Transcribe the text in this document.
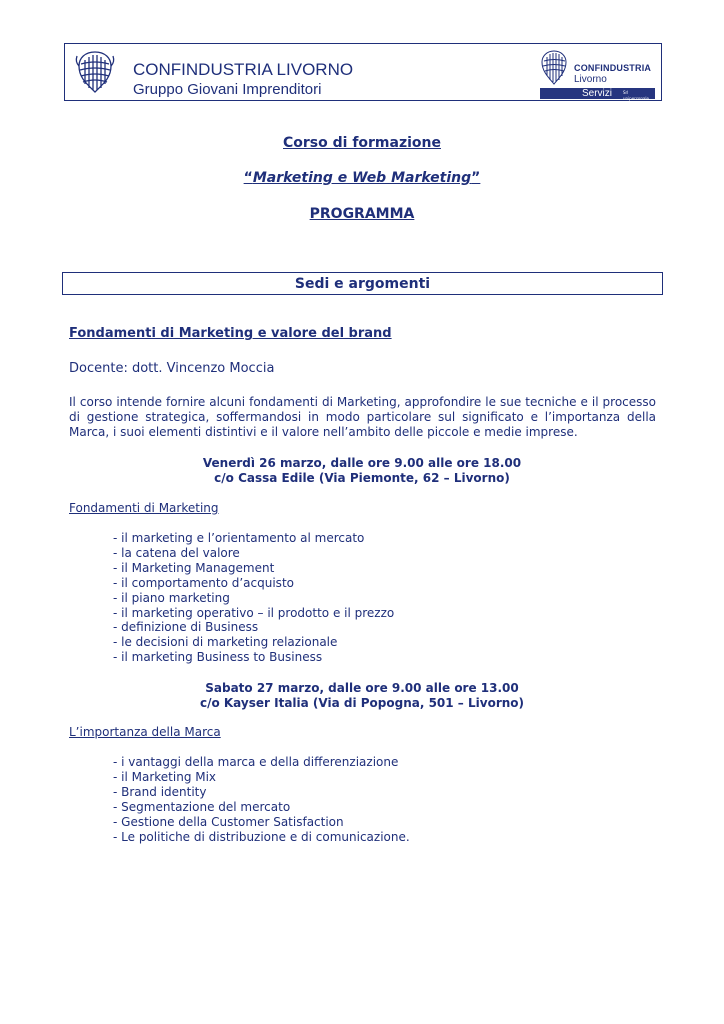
CONFINDUSTRIA LIVORNO
Gruppo Giovani Imprenditori
CONFINDUSTRIA
Livorno
Servizi	Srl unipersonale
Corso di formazione
“Marketing e Web Marketing”
PROGRAMMA
Sedi e argomenti
Fondamenti di Marketing e valore del brand
Docente: dott. Vincenzo Moccia
Il corso intende fornire alcuni fondamenti di Marketing, approfondire le sue tecniche e il processo di gestione strategica, soffermandosi in modo particolare sul significato e l’importanza della Marca, i suoi elementi distintivi e il valore nell’ambito delle piccole e medie imprese.
Venerdì 26 marzo, dalle ore 9.00 alle ore 18.00
c/o Cassa Edile (Via Piemonte, 62 – Livorno)
Fondamenti di Marketing
- il marketing e l’orientamento al mercato
- la catena del valore
- il Marketing Management
- il comportamento d’acquisto
- il piano marketing
- il marketing operativo – il prodotto e il prezzo
- definizione di Business
- le decisioni di marketing relazionale
- il marketing Business to Business
Sabato 27 marzo, dalle ore 9.00 alle ore 13.00
c/o Kayser Italia (Via di Popogna, 501 – Livorno)
L’importanza della Marca
- i vantaggi della marca e della differenziazione
- il Marketing Mix
- Brand identity
- Segmentazione del mercato
- Gestione della Customer Satisfaction
- Le politiche di distribuzione e di comunicazione.
